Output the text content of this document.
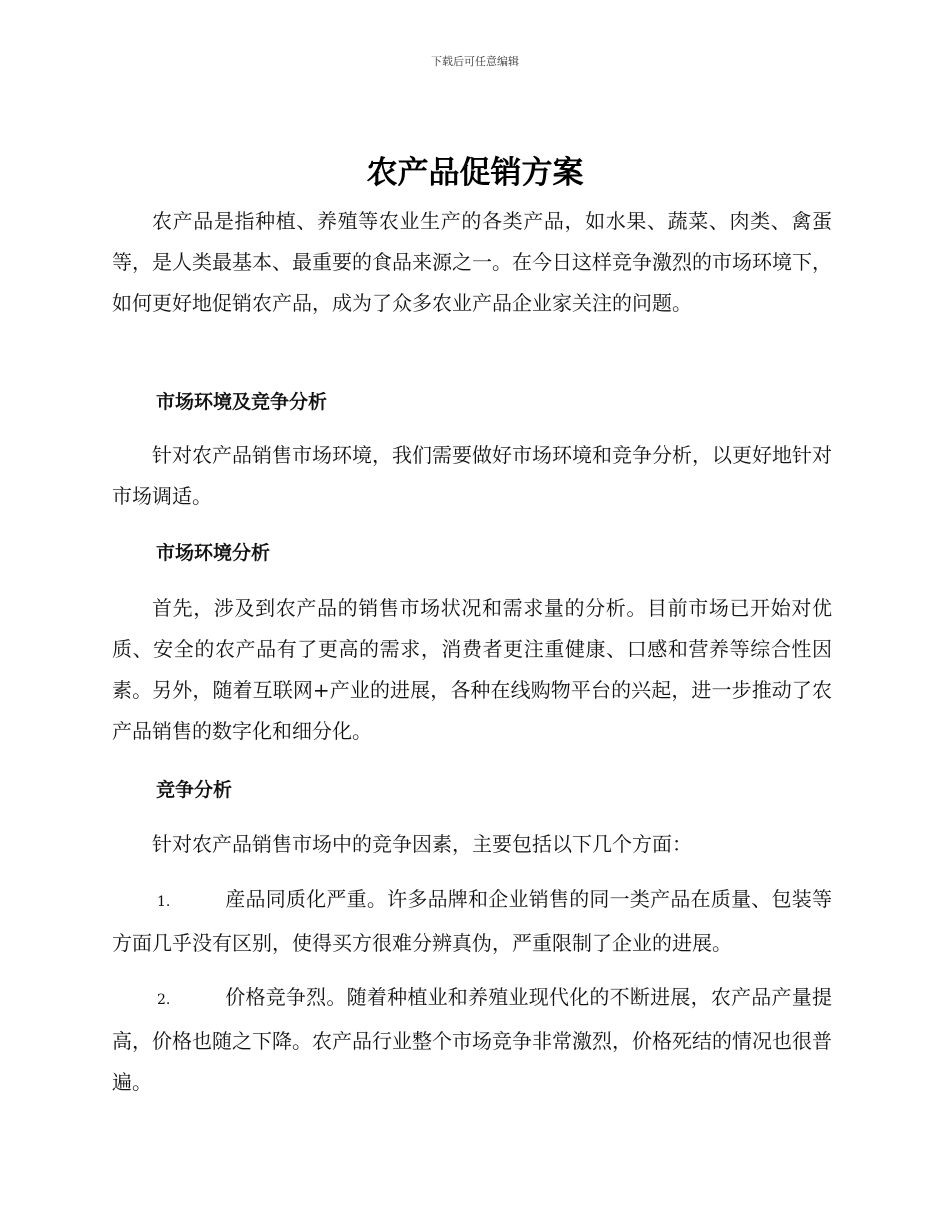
下载后可任意编辑
农产品促销方案

农产品是指种植、养殖等农业生产的各类产品，如水果、蔬菜、肉类、禽蛋等，是人类最基本、最重要的食品来源之一。在今日这样竞争激烈的市场环境下，如何更好地促销农产品，成为了众多农业产品企业家关注的问题。

市场环境及竞争分析

针对农产品销售市场环境，我们需要做好市场环境和竞争分析，以更好地针对市场调适。

市场环境分析

首先，涉及到农产品的销售市场状况和需求量的分析。目前市场已开始对优质、安全的农产品有了更高的需求，消费者更注重健康、口感和营养等综合性因素。另外，随着互联网+产业的进展，各种在线购物平台的兴起，进一步推动了农产品销售的数字化和细分化。

竞争分析

针对农产品销售市场中的竞争因素，主要包括以下几个方面：

1.	産品同质化严重。许多品牌和企业销售的同一类产品在质量、包装等方面几乎没有区别，使得买方很难分辨真伪，严重限制了企业的进展。

2.	价格竞争烈。随着种植业和养殖业现代化的不断进展，农产品产量提高，价格也随之下降。农产品行业整个市场竞争非常激烈，价格死结的情况也很普遍。
